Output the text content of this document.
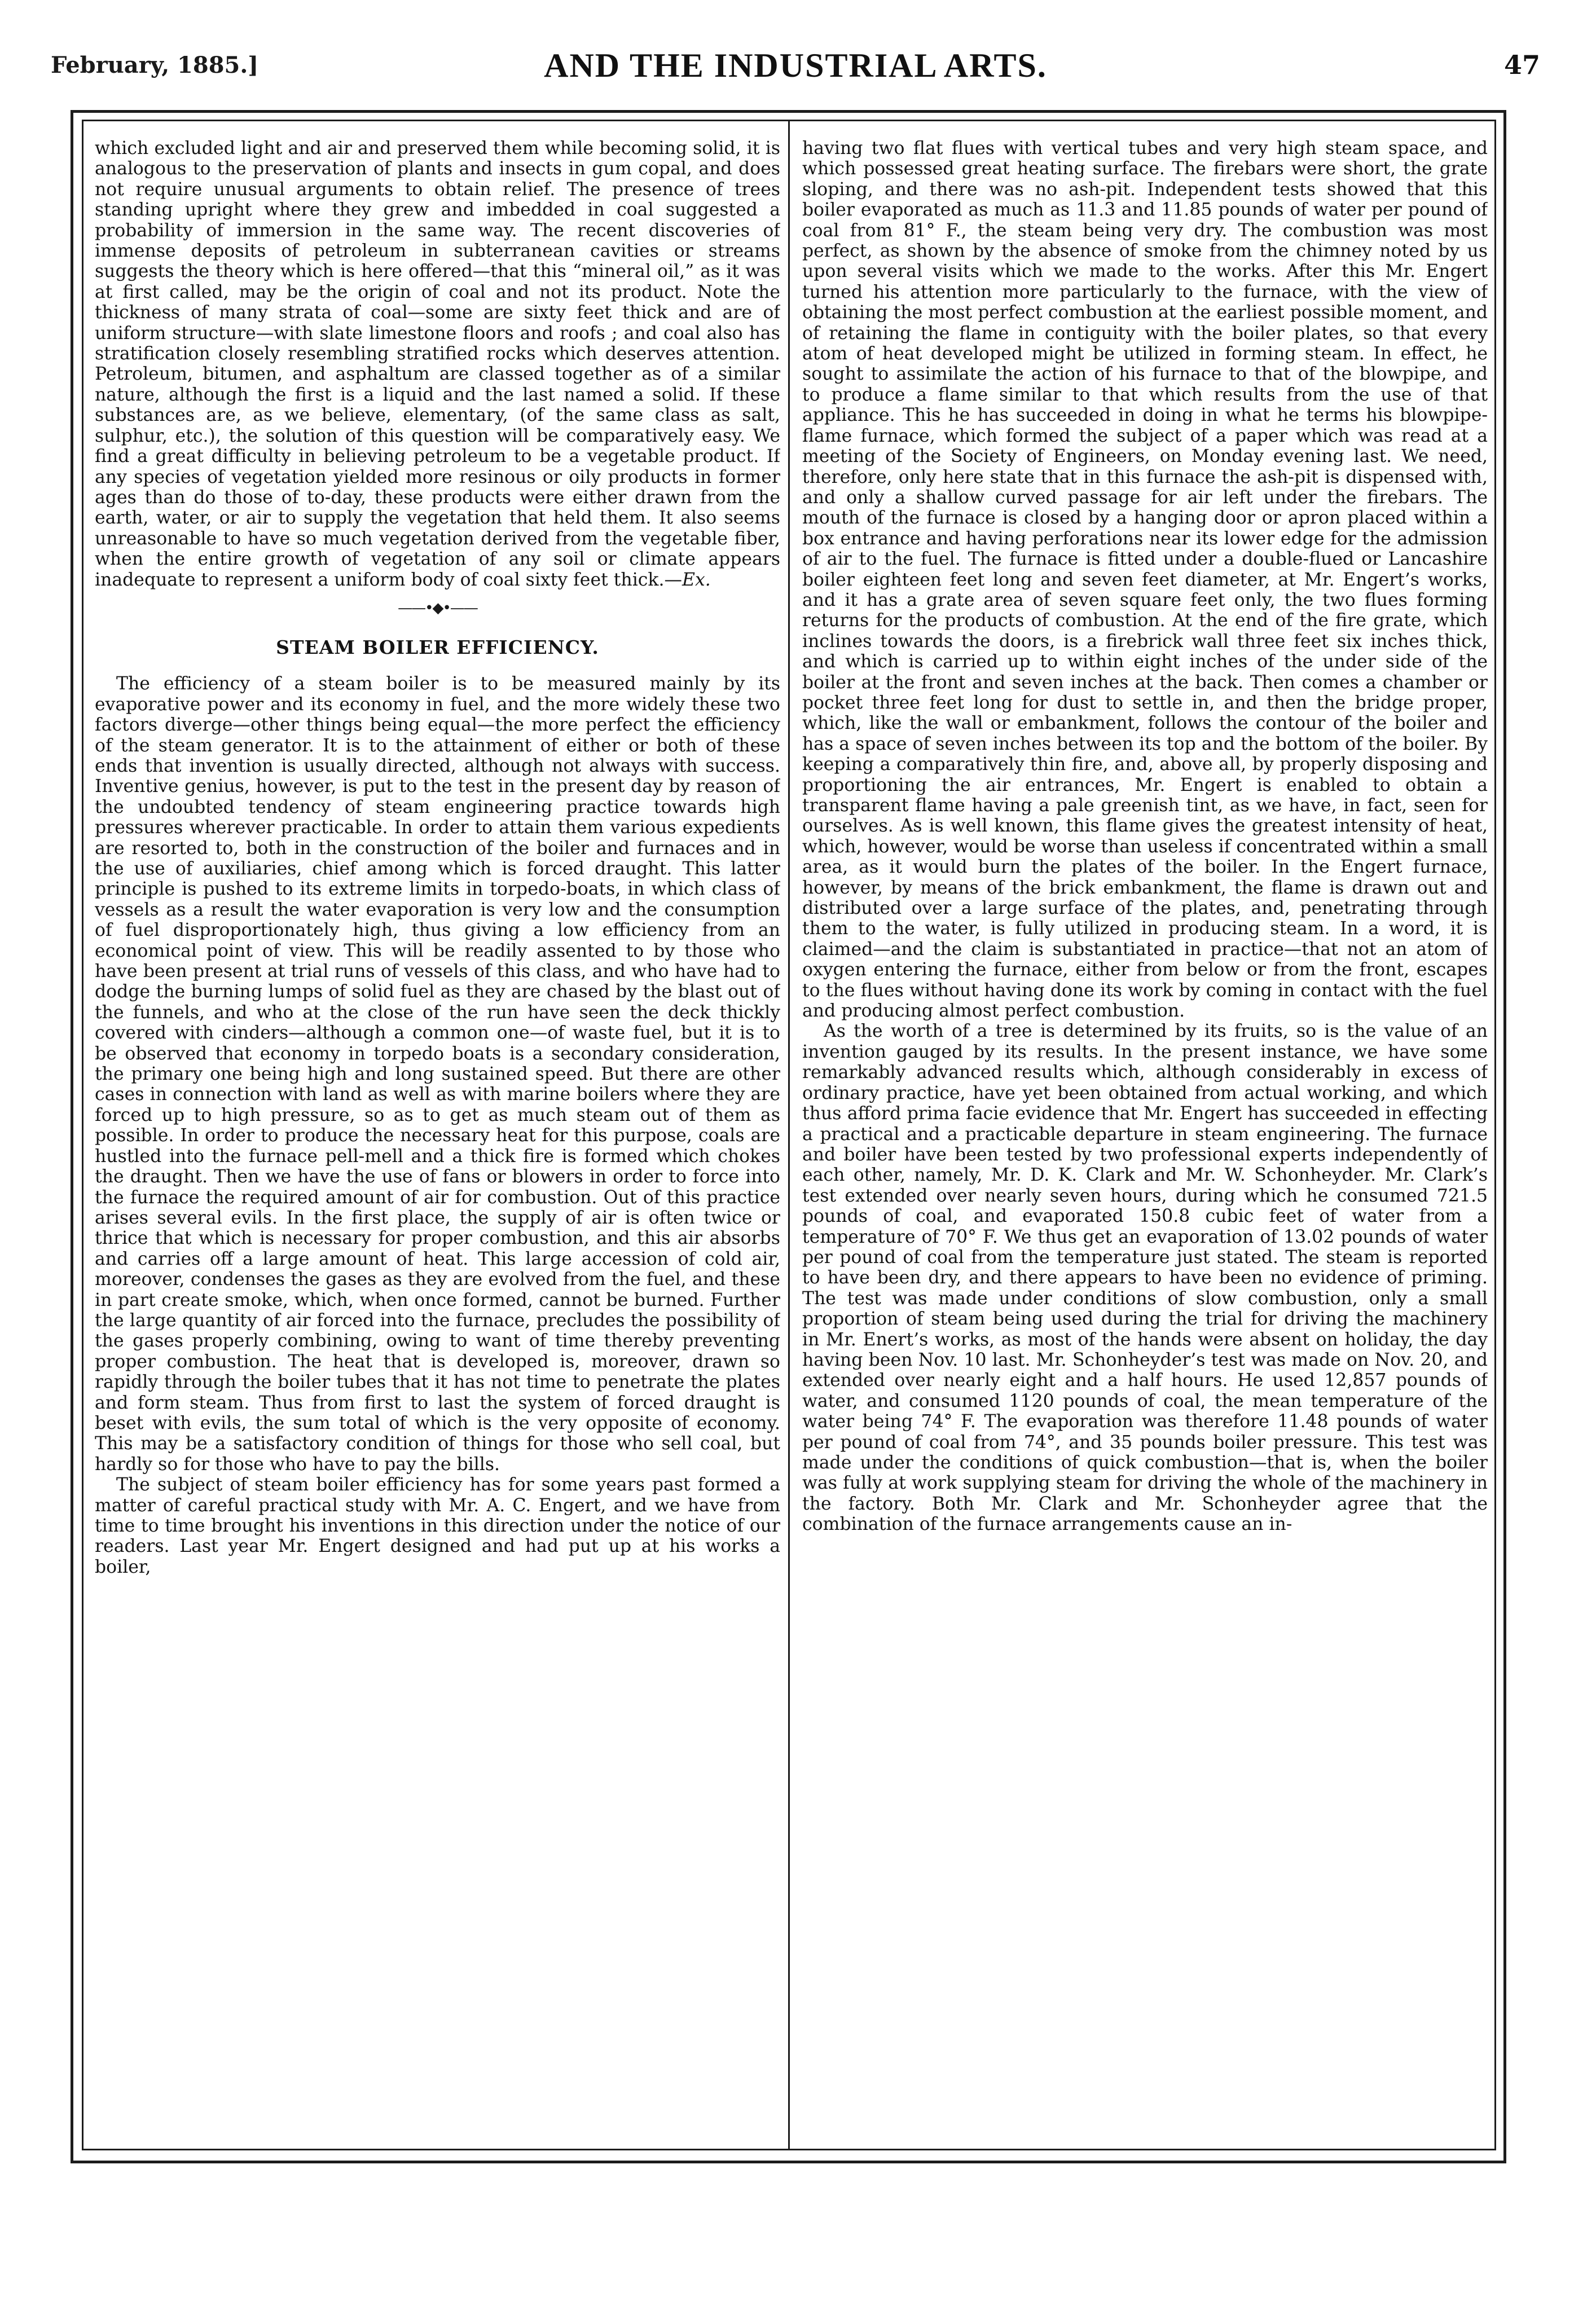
February, 1885.]	AND THE INDUSTRIAL ARTS.	47

which excluded light and air and preserved them while becoming solid, it is analogous to the preservation of plants and insects in gum copal, and does not require unusual arguments to obtain relief. The presence of trees standing upright where they grew and imbedded in coal suggested a probability of immersion in the same way. The recent discoveries of immense deposits of petroleum in subterranean cavities or streams suggests the theory which is here offered—that this “mineral oil,” as it was at first called, may be the origin of coal and not its product. Note the thickness of many strata of coal—some are sixty feet thick and are of uniform structure—with slate limestone floors and roofs ; and coal also has stratification closely resembling stratified rocks which deserves attention. Petroleum, bitumen, and asphaltum are classed together as of a similar nature, although the first is a liquid and the last named a solid. If these substances are, as we believe, elementary, (of the same class as salt, sulphur, etc.), the solution of this question will be comparatively easy. We find a great difficulty in believing petroleum to be a vegetable product. If any species of vegetation yielded more resinous or oily products in former ages than do those of to-day, these products were either drawn from the earth, water, or air to supply the vegetation that held them. It also seems unreasonable to have so much vegetation derived from the vegetable fiber, when the entire growth of vegetation of any soil or climate appears inadequate to represent a uniform body of coal sixty feet thick.—Ex.

——•◆•——
STEAM BOILER EFFICIENCY.

The efficiency of a steam boiler is to be measured mainly by its evaporative power and its economy in fuel, and the more widely these two factors diverge—other things being equal—the more perfect the efficiency of the steam generator. It is to the attainment of either or both of these ends that invention is usually directed, although not always with success. Inventive genius, however, is put to the test in the present day by reason of the undoubted tendency of steam engineering practice towards high pressures wherever practicable. In order to attain them various expedients are resorted to, both in the construction of the boiler and furnaces and in the use of auxiliaries, chief among which is forced draught. This latter principle is pushed to its extreme limits in torpedo-boats, in which class of vessels as a result the water evaporation is very low and the consumption of fuel disproportionately high, thus giving a low efficiency from an economical point of view. This will be readily assented to by those who have been present at trial runs of vessels of this class, and who have had to dodge the burning lumps of solid fuel as they are chased by the blast out of the funnels, and who at the close of the run have seen the deck thickly covered with cinders—although a common one—of waste fuel, but it is to be observed that economy in torpedo boats is a secondary consideration, the primary one being high and long sustained speed. But there are other cases in connection with land as well as with marine boilers where they are forced up to high pressure, so as to get as much steam out of them as possible. In order to produce the necessary heat for this purpose, coals are hustled into the furnace pell-mell and a thick fire is formed which chokes the draught. Then we have the use of fans or blowers in order to force into the furnace the required amount of air for combustion. Out of this practice arises several evils. In the first place, the supply of air is often twice or thrice that which is necessary for proper combustion, and this air absorbs and carries off a large amount of heat. This large accession of cold air, moreover, condenses the gases as they are evolved from the fuel, and these in part create smoke, which, when once formed, cannot be burned. Further the large quantity of air forced into the furnace, precludes the possibility of the gases properly combining, owing to want of time thereby preventing proper combustion. The heat that is developed is, moreover, drawn so rapidly through the boiler tubes that it has not time to penetrate the plates and form steam. Thus from first to last the system of forced draught is beset with evils, the sum total of which is the very opposite of economy. This may be a satisfactory condition of things for those who sell coal, but hardly so for those who have to pay the bills.

The subject of steam boiler efficiency has for some years past formed a matter of careful practical study with Mr. A. C. Engert, and we have from time to time brought his inventions in this direction under the notice of our readers. Last year Mr. Engert designed and had put up at his works a boiler,

having two flat flues with vertical tubes and very high steam space, and which possessed great heating surface. The firebars were short, the grate sloping, and there was no ash-pit. Independent tests showed that this boiler evaporated as much as 11.3 and 11.85 pounds of water per pound of coal from 81° F., the steam being very dry. The combustion was most perfect, as shown by the absence of smoke from the chimney noted by us upon several visits which we made to the works. After this Mr. Engert turned his attention more particularly to the furnace, with the view of obtaining the most perfect combustion at the earliest possible moment, and of retaining the flame in contiguity with the boiler plates, so that every atom of heat developed might be utilized in forming steam. In effect, he sought to assimilate the action of his furnace to that of the blowpipe, and to produce a flame similar to that which results from the use of that appliance. This he has succeeded in doing in what he terms his blowpipe-flame furnace, which formed the subject of a paper which was read at a meeting of the Society of Engineers, on Monday evening last. We need, therefore, only here state that in this furnace the ash-pit is dispensed with, and only a shallow curved passage for air left under the firebars. The mouth of the furnace is closed by a hanging door or apron placed within a box entrance and having perforations near its lower edge for the admission of air to the fuel. The furnace is fitted under a double-flued or Lancashire boiler eighteen feet long and seven feet diameter, at Mr. Engert’s works, and it has a grate area of seven square feet only, the two flues forming returns for the products of combustion. At the end of the fire grate, which inclines towards the doors, is a firebrick wall three feet six inches thick, and which is carried up to within eight inches of the under side of the boiler at the front and seven inches at the back. Then comes a chamber or pocket three feet long for dust to settle in, and then the bridge proper, which, like the wall or embankment, follows the contour of the boiler and has a space of seven inches between its top and the bottom of the boiler. By keeping a comparatively thin fire, and, above all, by properly disposing and proportioning the air entrances, Mr. Engert is enabled to obtain a transparent flame having a pale greenish tint, as we have, in fact, seen for ourselves. As is well known, this flame gives the greatest intensity of heat, which, however, would be worse than useless if concentrated within a small area, as it would burn the plates of the boiler. In the Engert furnace, however, by means of the brick embankment, the flame is drawn out and distributed over a large surface of the plates, and, penetrating through them to the water, is fully utilized in producing steam. In a word, it is claimed—and the claim is substantiated in practice—that not an atom of oxygen entering the furnace, either from below or from the front, escapes to the flues without having done its work by coming in contact with the fuel and producing almost perfect combustion.

As the worth of a tree is determined by its fruits, so is the value of an invention gauged by its results. In the present instance, we have some remarkably advanced results which, although considerably in excess of ordinary practice, have yet been obtained from actual working, and which thus afford prima facie evidence that Mr. Engert has succeeded in effecting a practical and a practicable departure in steam engineering. The furnace and boiler have been tested by two professional experts independently of each other, namely, Mr. D. K. Clark and Mr. W. Schonheyder. Mr. Clark’s test extended over nearly seven hours, during which he consumed 721.5 pounds of coal, and evaporated 150.8 cubic feet of water from a temperature of 70° F. We thus get an evaporation of 13.02 pounds of water per pound of coal from the temperature just stated. The steam is reported to have been dry, and there appears to have been no evidence of priming. The test was made under conditions of slow combustion, only a small proportion of steam being used during the trial for driving the machinery in Mr. Enert’s works, as most of the hands were absent on holiday, the day having been Nov. 10 last. Mr. Schonheyder’s test was made on Nov. 20, and extended over nearly eight and a half hours. He used 12,857 pounds of water, and consumed 1120 pounds of coal, the mean temperature of the water being 74° F. The evaporation was therefore 11.48 pounds of water per pound of coal from 74°, and 35 pounds boiler pressure. This test was made under the conditions of quick combustion—that is, when the boiler was fully at work supplying steam for driving the whole of the machinery in the factory. Both Mr. Clark and Mr. Schonheyder agree that the combination of the furnace arrangements cause an in-
